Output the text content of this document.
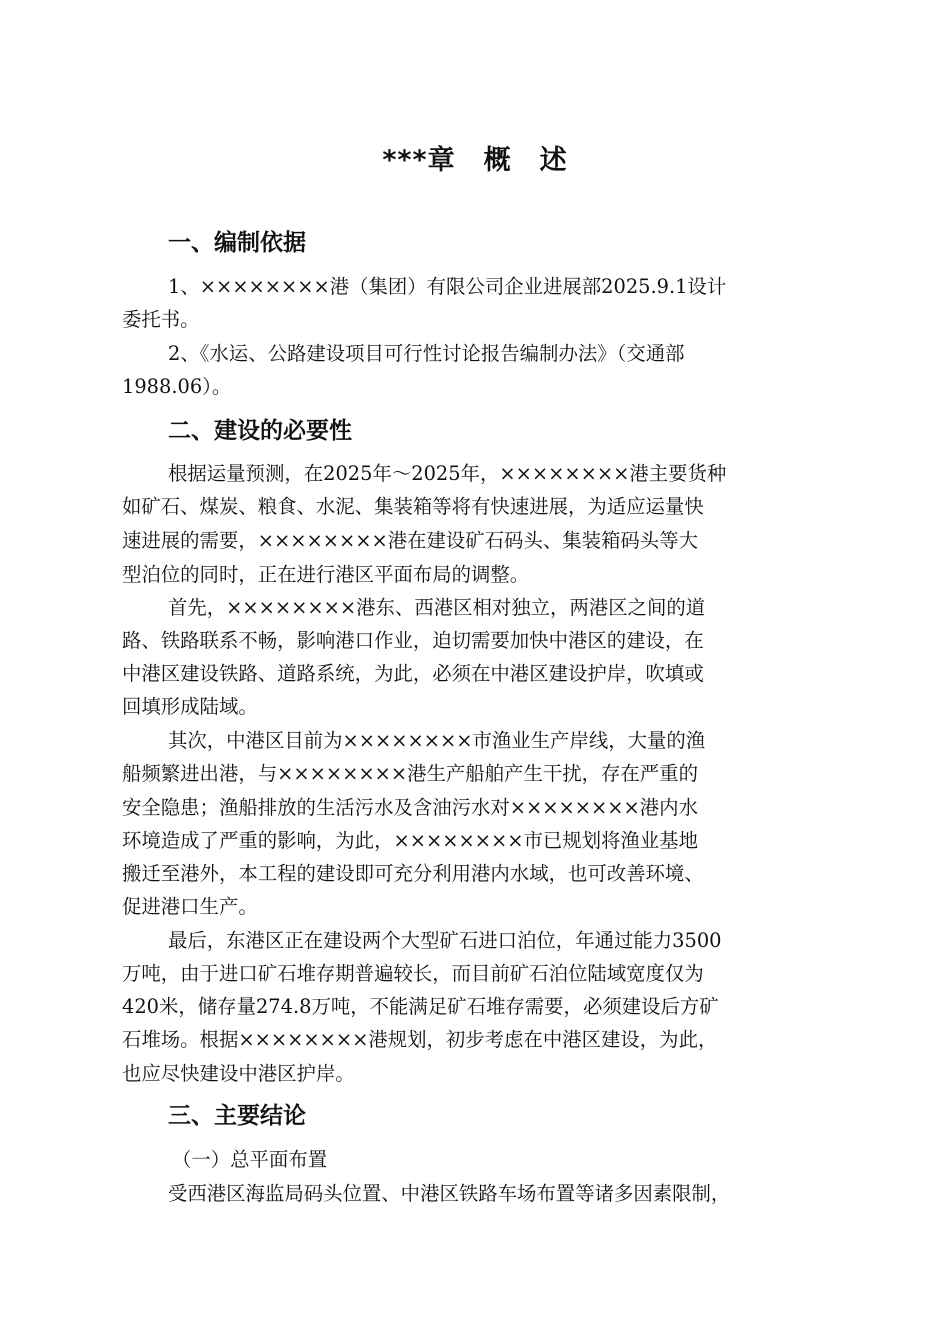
***章　概　述
一、编制依据
1、××××××××港（集团）有限公司企业进展部2025.9.1设计
委托书。
2、《水运、公路建设项目可行性讨论报告编制办法》（交通部
1988.06）。
二、建设的必要性
根据运量预测，在2025年～2025年，××××××××港主要货种
如矿石、煤炭、粮食、水泥、集装箱等将有快速进展，为适应运量快
速进展的需要，××××××××港在建设矿石码头、集装箱码头等大
型泊位的同时，正在进行港区平面布局的调整。
首先，××××××××港东、西港区相对独立，两港区之间的道
路、铁路联系不畅，影响港口作业，迫切需要加快中港区的建设，在
中港区建设铁路、道路系统，为此，必须在中港区建设护岸，吹填或
回填形成陆域。
其次，中港区目前为××××××××市渔业生产岸线，大量的渔
船频繁进出港，与××××××××港生产船舶产生干扰，存在严重的
安全隐患；渔船排放的生活污水及含油污水对××××××××港内水
环境造成了严重的影响，为此，××××××××市已规划将渔业基地
搬迁至港外，本工程的建设即可充分利用港内水域，也可改善环境、
促进港口生产。
最后，东港区正在建设两个大型矿石进口泊位，年通过能力3500
万吨，由于进口矿石堆存期普遍较长，而目前矿石泊位陆域宽度仅为
420米，储存量274.8万吨，不能满足矿石堆存需要，必须建设后方矿
石堆场。根据××××××××港规划，初步考虑在中港区建设，为此，
也应尽快建设中港区护岸。
三、主要结论
（一）总平面布置
受西港区海监局码头位置、中港区铁路车场布置等诸多因素限制，
